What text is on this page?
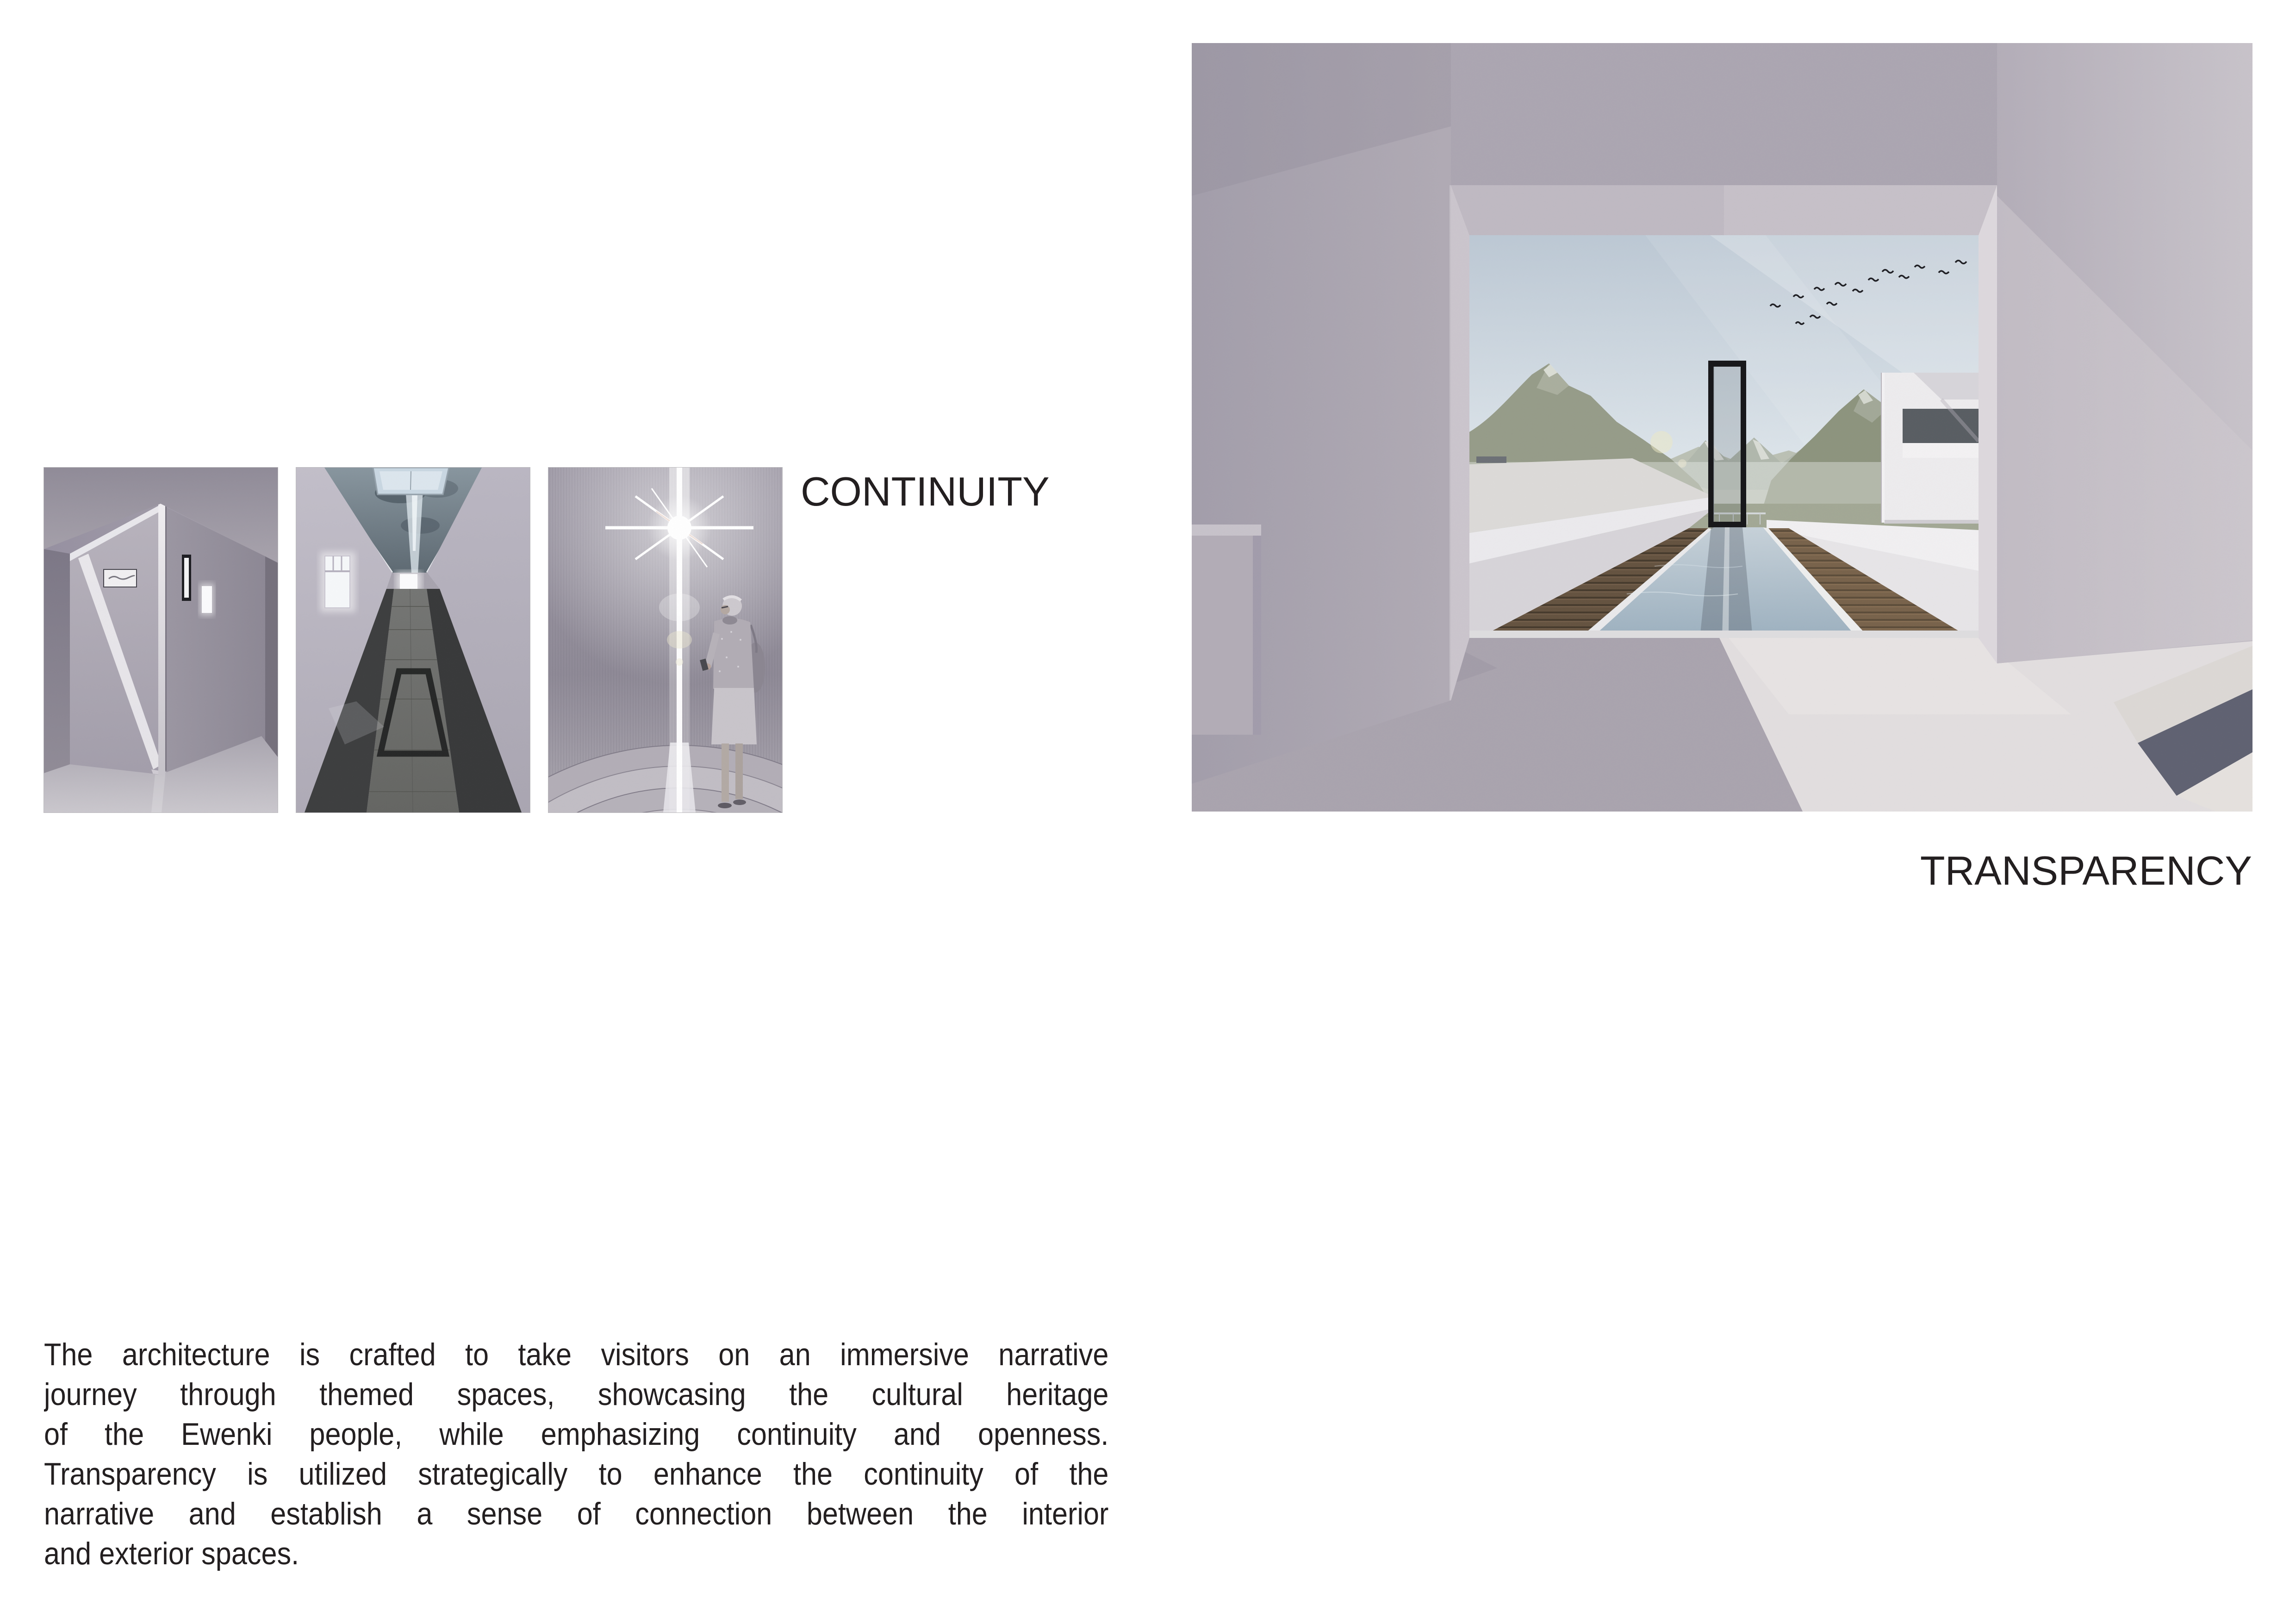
CONTINUITY
TRANSPARENCY
The architecture is crafted to take visitors on an immersive narrative
journey through themed spaces, showcasing the cultural heritage
of the Ewenki people, while emphasizing continuity and openness.
Transparency is utilized strategically to enhance the continuity of the
narrative and establish a sense of connection between the interior
and exterior spaces.
